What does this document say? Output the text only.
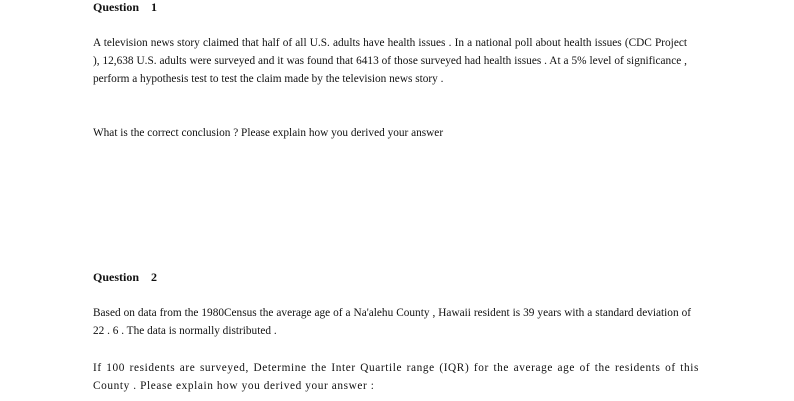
Question    1

A television news story claimed that half of all U.S. adults have health issues . In a national poll about health issues (CDC Project ), 12,638 U.S. adults were surveyed and it was found that 6413 of those surveyed had health issues . At a 5% level of significance , perform a hypothesis test to test the claim made by the television news story .

What is the correct conclusion ? Please explain how you derived your answer

Question    2

Based on data from the 1980Census the average age of a Na'alehu County , Hawaii resident is 39 years with a standard deviation of 22 . 6 . The data is normally distributed .

If 100 residents are surveyed, Determine the Inter Quartile range (IQR) for the average age of the residents of this County . Please explain how you derived your answer :
